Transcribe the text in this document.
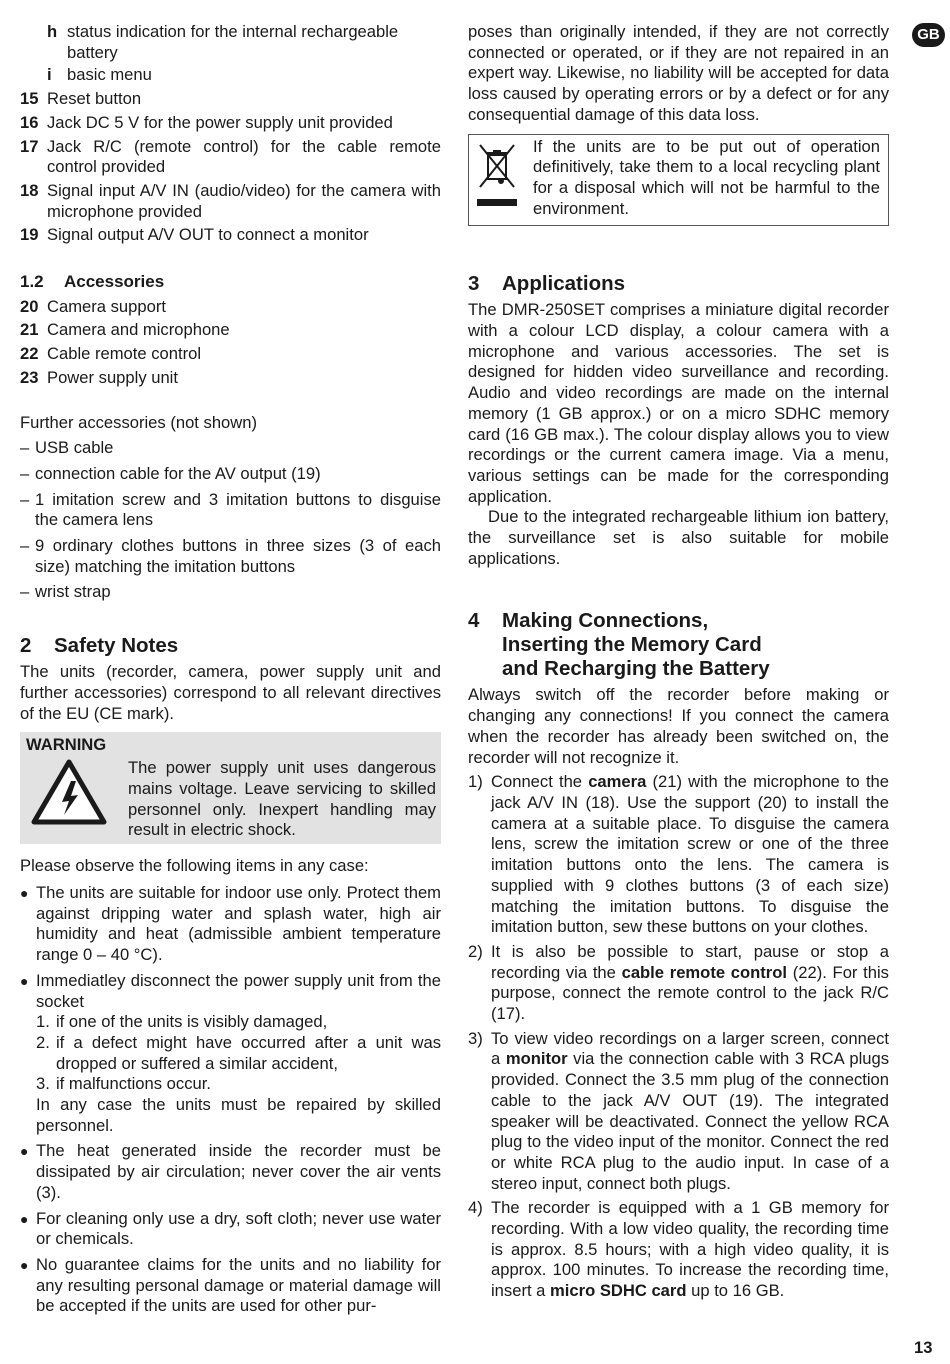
GB
h status indication for the internal rechargeable battery
i basic menu
15 Reset button
16 Jack DC 5 V for the power supply unit provided
17 Jack R/C (remote control) for the cable remote control provided
18 Signal input A/V IN (audio/video) for the camera with microphone provided
19 Signal output A/V OUT to connect a monitor
1.2	Accessories
20 Camera support
21 Camera and microphone
22 Cable remote control
23 Power supply unit

Further accessories (not shown)

– USB cable
– connection cable for the AV output (19)
– 1 imitation screw and 3 imitation buttons to disguise the camera lens
– 9 ordinary clothes buttons in three sizes (3 of each size) matching the imitation buttons
– wrist strap
2	Safety Notes

The units (recorder, camera, power supply unit and further accessories) correspond to all relevant directives of the EU (CE mark).

WARNING

The power supply unit uses dangerous mains voltage. Leave servicing to skilled personnel only. Inexpert handling may result in electric shock.

Please observe the following items in any case:

● The units are suitable for indoor use only. Protect them against dripping water and splash water, high air humidity and heat (admissible ambient temperature range 0 – 40 °C).
● Immediatley disconnect the power supply unit from the socket
1. if one of the units is visibly damaged,
2. if a defect might have occurred after a unit was dropped or suffered a similar accident,
3. if malfunctions occur.

In any case the units must be repaired by skilled personnel.

● The heat generated inside the recorder must be dissipated by air circulation; never cover the air vents (3).
● For cleaning only use a dry, soft cloth; never use water or chemicals.
● No guarantee claims for the units and no liability for any resulting personal damage or material damage will be accepted if the units are used for other pur-

poses than originally intended, if they are not correctly connected or operated, or if they are not repaired in an expert way. Likewise, no liability will be accepted for data loss caused by operating errors or by a defect or for any consequential damage of this data loss.

If the units are to be put out of operation definitively, take them to a local recycling plant for a disposal which will not be harmful to the environment.

3	Applications

The DMR-250SET comprises a miniature digital recorder with a colour LCD display, a colour camera with a microphone and various accessories. The set is designed for hidden video surveillance and recording. Audio and video recordings are made on the internal memory (1 GB approx.) or on a micro SDHC memory card (16 GB max.). The colour display allows you to view recordings or the current camera image. Via a menu, various settings can be made for the corresponding application.

Due to the integrated rechargeable lithium ion battery, the surveillance set is also suitable for mobile applications.

4	Making Connections,
Inserting the Memory Card
and Recharging the Battery

Always switch off the recorder before making or changing any connections! If you connect the camera when the recorder has already been switched on, the recorder will not recognize it.

1) Connect the camera (21) with the microphone to the jack A/V IN (18). Use the support (20) to install the camera at a suitable place. To disguise the camera lens, screw the imitation screw or one of the three imitation buttons onto the lens. The camera is supplied with 9 clothes buttons (3 of each size) matching the imitation buttons. To disguise the imitation button, sew these buttons on your clothes.
2) It is also be possible to start, pause or stop a recording via the cable remote control (22). For this purpose, connect the remote control to the jack R/C (17).
3) To view video recordings on a larger screen, connect a monitor via the connection cable with 3 RCA plugs provided. Connect the 3.5 mm plug of the connection cable to the jack A/V OUT (19). The integrated speaker will be deactivated. Connect the yellow RCA plug to the video input of the monitor. Connect the red or white RCA plug to the audio input. In case of a stereo input, connect both plugs.
4) The recorder is equipped with a 1 GB memory for recording. With a low video quality, the recording time is approx. 8.5 hours; with a high video quality, it is approx. 100 minutes. To increase the recording time, insert a micro SDHC card up to 16 GB.
13
